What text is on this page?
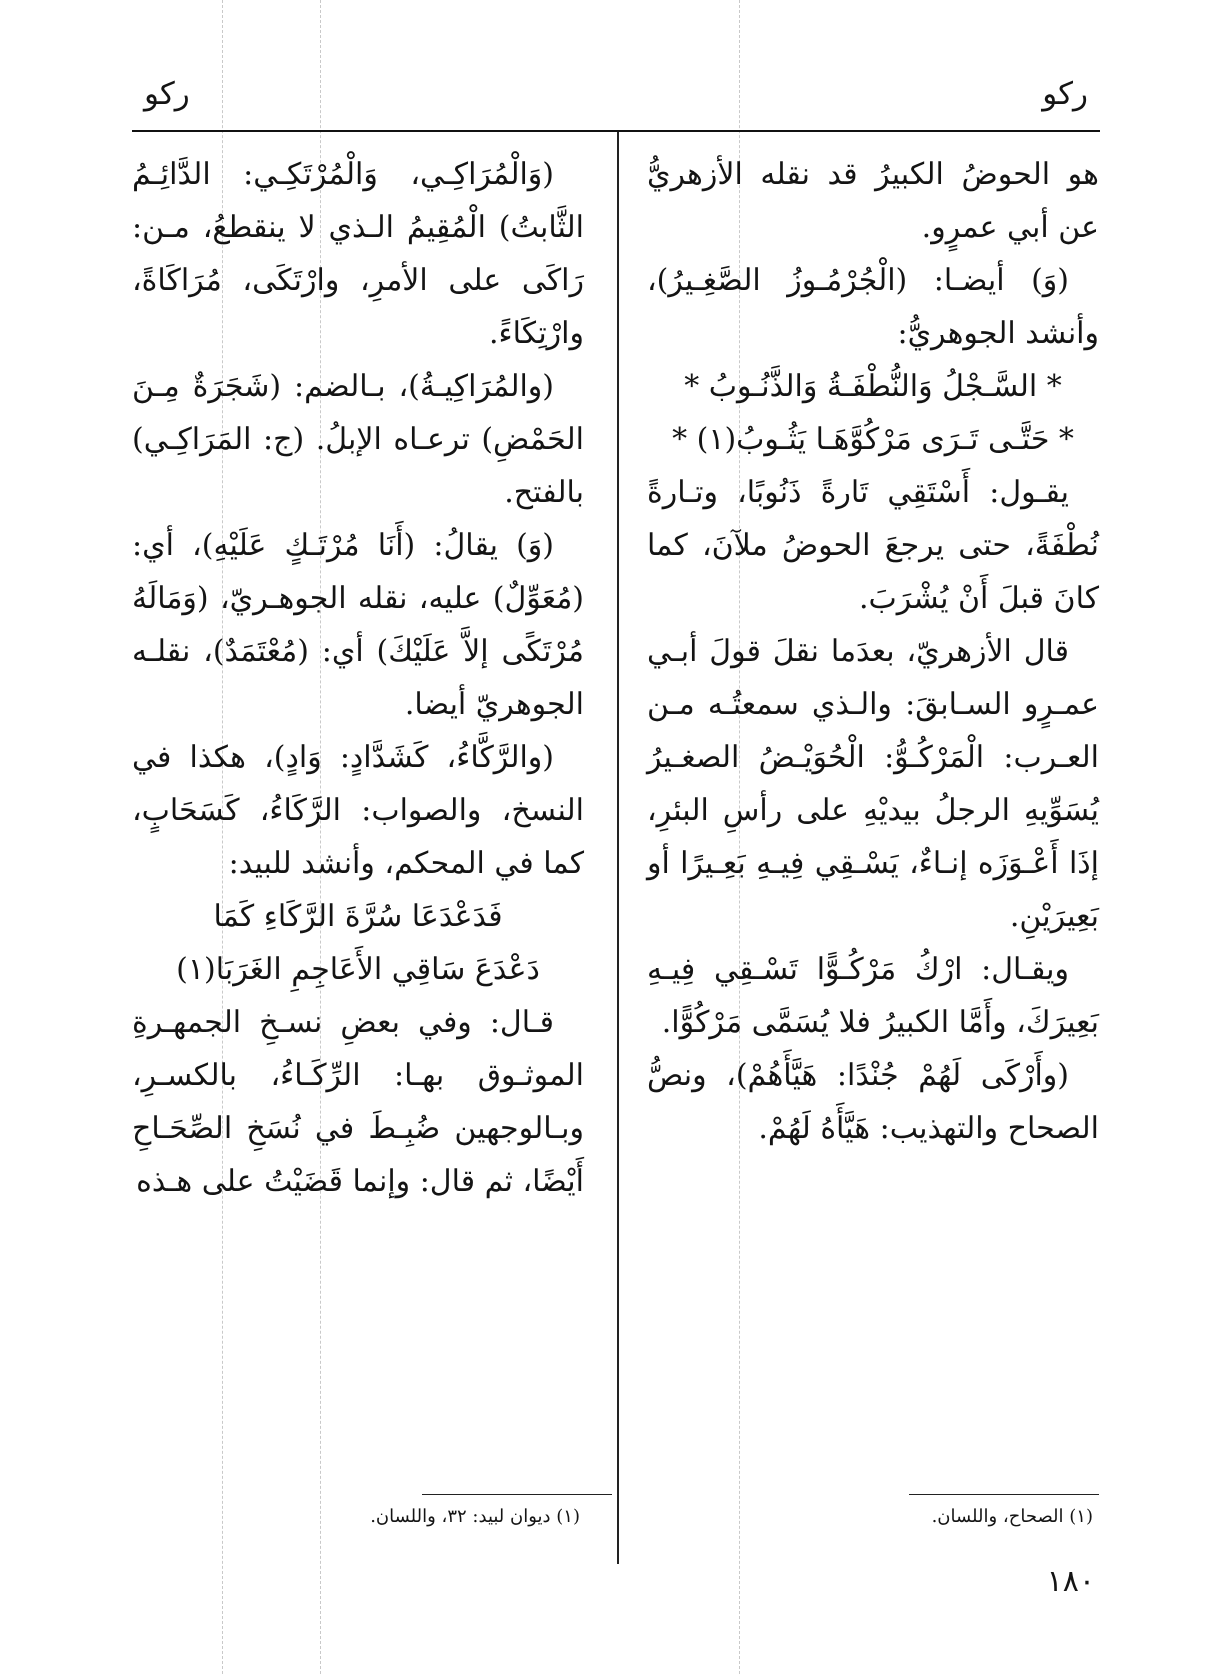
ركو
ركو

هو الحوضُ الكبيرُ قد نقله الأزهريُّ عن أبي عمرٍو.

(وَ) أيضـا: (الْجُرْمُـوزُ الصَّغِـيرُ)، وأنشد الجوهريُّ:

* السَّـجْلُ وَالنُّطْفَـةُ وَالذَّنُـوبُ *

* حَتَّـى تَـرَى مَرْكُوَّهَـا يَثُـوبُ(١) *

يقـول: أَسْتَقِي تَارةً ذَنُوبًا، وتـارةً نُطْفَةً، حتى يرجعَ الحوضُ ملآنَ، كما كانَ قبلَ أَنْ يُشْرَبَ.

قال الأزهريّ، بعدَما نقلَ قولَ أبـي عمـرٍو السـابقَ: والـذي سمعتُـه مـن العـرب: الْمَرْكُـوُّ: الْحُوَيْـضُ الصغـيرُ يُسَوِّيهِ الرجلُ بيديْهِ على رأسِ البئرِ، إذَا أَعْـوَزَه إنـاءٌ، يَسْـقِي فِيـهِ بَعِـيرًا أو بَعِيرَيْنِ.

ويقـال: ارْكُ مَرْكُـوًّا تَسْـقِي فِيـهِ بَعِيرَكَ، وأَمَّا الكبيرُ فلا يُسَمَّى مَرْكُوًّا.

(وأَرْكَى لَهُمْ جُنْدًا: هَيَّأَهُمْ)، ونصُّ الصحاح والتهذيب: هَيَّأَهُ لَهُمْ.

(وَالْمُرَاكِـي، وَالْمُرْتَكِـي: الدَّائِـمُ الثَّابتُ) الْمُقِيمُ الـذي لا ينقطعُ، مـن: رَاكَى على الأمرِ، وارْتَكَى، مُرَاكَاةً، وارْتِكَاءً.

(والمُرَاكِيـةُ)، بـالضم: (شَجَرَةٌ مِـنَ الحَمْضِ) ترعـاه الإبلُ. (ج: المَرَاكِـي) بالفتح.

(وَ) يقالُ: (أَنَا مُرْتَـكٍ عَلَيْهِ)، أي: (مُعَوِّلٌ) عليه، نقله الجوهـريّ، (وَمَالَهُ مُرْتَكًى إلاَّ عَلَيْكَ) أي: (مُعْتَمَدٌ)، نقلـه الجوهريّ أيضا.

(والرَّكَّاءُ، كَشَدَّادٍ: وَادٍ)، هكذا في النسخ، والصواب: الرَّكَاءُ، كَسَحَابٍ، كما في المحكم، وأنشد للبيد:

فَدَعْدَعَا سُرَّةَ الرَّكَاءِ كَمَا

دَعْدَعَ سَاقِي الأَعَاجِمِ الغَرَبَا(١)

قـال: وفي بعضِ نسـخِ الجمهـرةِ الموثـوق بهـا: الرِّكَـاءُ، بالكسـرِ، وبـالوجهين ضُبِـطَ في نُسَخِ الصِّحَـاحِ أَيْضًا، ثم قال: وإنما قَضَيْتُ على هـذه

(١) الصحاح، واللسان.
(١) ديوان لبيد: ٣٢، واللسان.
١٨٠
